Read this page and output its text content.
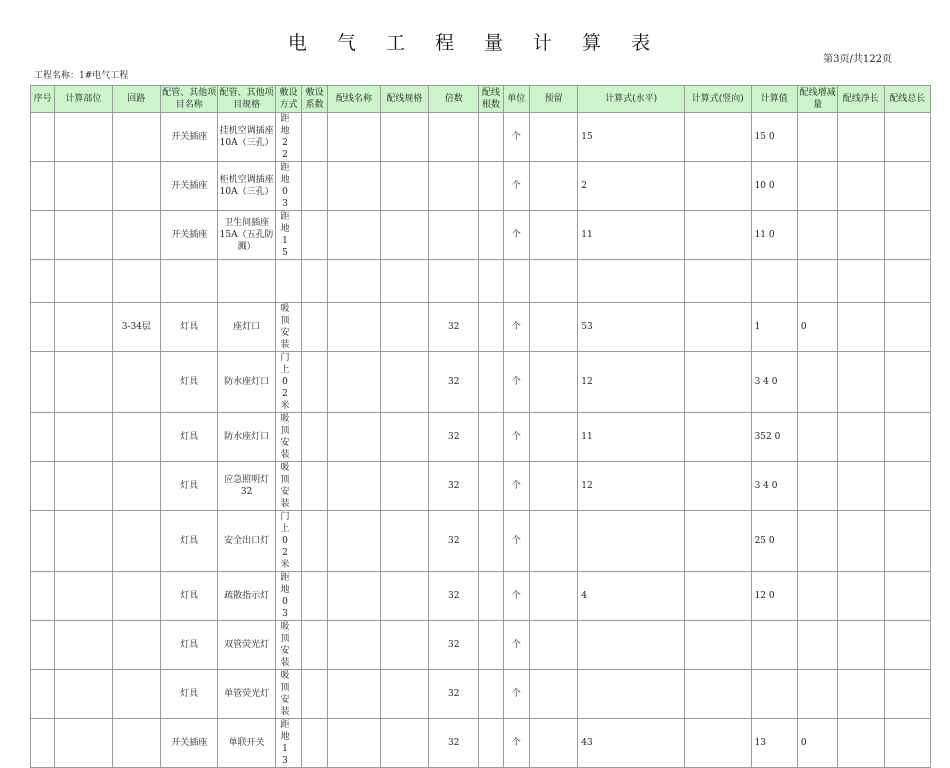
电 气 工 程 量 计 算 表
第3页/共122页
工程名称：1#电气工程
序号	计算部位	回路	配管、其他项目名称	配管、其他项目规格	敷设方式	敷设系数	配线名称	配线规格	倍数	配线根数	单位	预留	计算式(水平)	计算式(竖向)	计算值	配线增减量	配线净长	配线总长
			开关插座	挂机空调插座10A（三孔）	距地2 2						个		15		15 0			
			开关插座	柜机空调插座10A（三孔）	距地0 3						个		2		10 0			
			开关插座	卫生间插座15A（五孔防溅）	距地1 5						个		11		11 0			

		3-34层	灯具	座灯口	吸顶安装				32		个		53		1	0		
			灯具	防水座灯口	门上0 2米				32		个		12		3 4 0			
			灯具	防水座灯口	吸顶安装				32		个		11		352 0			
			灯具	应急照明灯32	吸顶安装				32		个		12		3 4 0			
			灯具	安全出口灯	门上0 2米				32		个				25 0			
			灯具	疏散指示灯	距地0 3				32		个		4		12 0			
			灯具	双管荧光灯	吸顶安装				32		个							
			灯具	单管荧光灯	吸顶安装				32		个							
			开关插座	单联开关	距地1 3				32		个		43		13	0		
